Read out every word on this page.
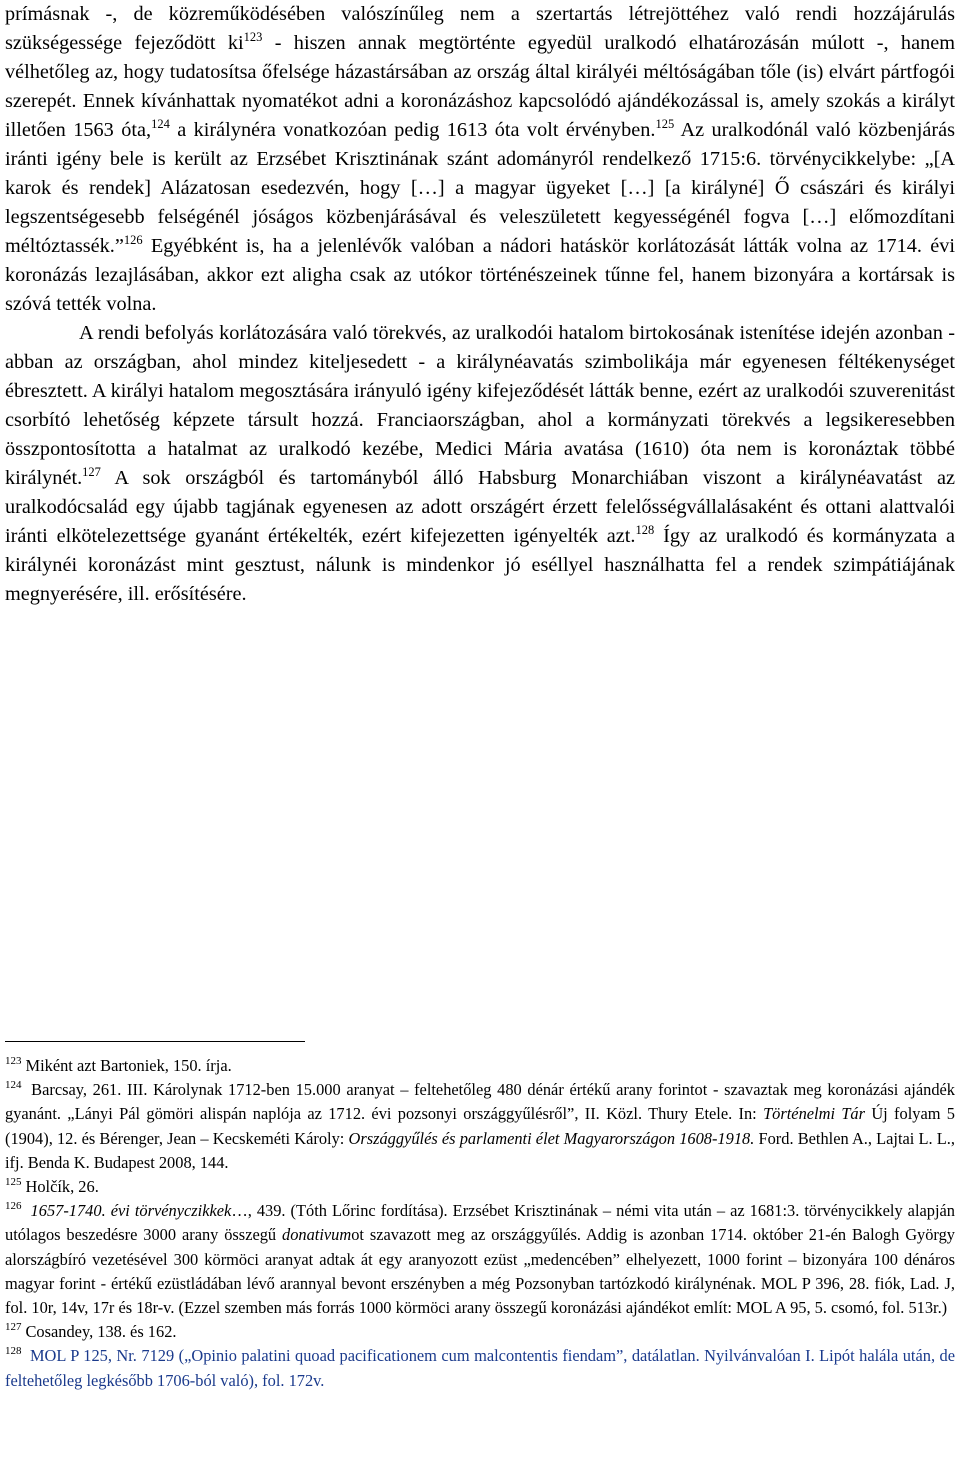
prímásnak -, de közreműködésében valószínűleg nem a szertartás létrejöttéhez való rendi hozzájárulás szükségessége fejeződött $ki^{123}$ - hiszen annak megtörténte egyedül uralkodó elhatározásán múlott -, hanem vélhetőleg az, hogy tudatosítsa őfelsége házastársában az ország által királyéi méltóságában tőle (is) elvárt pártfogói szerepét. Ennek kívánhattak nyomatékot adni a koronázáshoz kapcsolódó ajándékozással is, amely szokás a királyt illetően 1563 óta,$^{124}$ a királynéra vonatkozóan pedig 1613 óta volt érvényben.$^{125}$ Az uralkodónál való közbenjárás iránti igény bele is került az Erzsébet Krisztinának szánt adományról rendelkező 1715:6. törvénycikkelybe: „[A karok és rendek] Alázatosan esedezvén, hogy […] a magyar ügyeket […] [a királyné] Ő császári és királyi legszentségesebb felségénél jóságos közbenjárásával és veleszületett kegyességénél fogva […] előmozdítani méltóztassék.”$^{126}$ Egyébként is, ha a jelenlévők valóban a nádori hatáskör korlátozását látták volna az 1714. évi koronázás lezajlásában, akkor ezt aligha csak az utókor történészeinek tűnne fel, hanem bizonyára a kortársak is szóvá tették volna.

A rendi befolyás korlátozására való törekvés, az uralkodói hatalom birtokosának istenítése idején azonban - abban az országban, ahol mindez kiteljesedett - a királynéavatás szimbolikája már egyenesen féltékenységet ébresztett. A királyi hatalom megosztására irányuló igény kifejeződését látták benne, ezért az uralkodói szuverenitást csorbító lehetőség képzete társult hozzá. Franciaországban, ahol a kormányzati törekvés a legsikeresebben összpontosította a hatalmat az uralkodó kezébe, Medici Mária avatása (1610) óta nem is koronáztak többé királynét.$^{127}$ A sok országból és tartományból álló Habsburg Monarchiában viszont a királynéavatást az uralkodócsalád egy újabb tagjának egyenesen az adott országért érzett felelősségvállalásaként és ottani alattvalói iránti elkötelezettsége gyanánt értékelték, ezért kifejezetten igényelték azt.$^{128}$ Így az uralkodó és kormányzata a királynéi koronázást mint gesztust, nálunk is mindenkor jó eséllyel használhatta fel a rendek szimpátiájának megnyerésére, ill. erősítésére.

$^{123}$ Miként azt Bartoniek, 150. írja.

$^{124}$ Barcsay, 261. III. Károlynak 1712-ben 15.000 aranyat – feltehetőleg 480 dénár értékű arany forintot - szavaztak meg koronázási ajándék gyanánt. „Lányi Pál gömöri alispán naplója az 1712. évi pozsonyi országgyűlésről”, II. Közl. Thury Etele. In: Történelmi Tár Új folyam 5 (1904), 12. és Bérenger, Jean – Kecskeméti Károly: Országgyűlés és parlamenti élet Magyarországon 1608-1918. Ford. Bethlen A., Lajtai L. L., ifj. Benda K. Budapest 2008, 144.

$^{125}$ Holčík, 26.

$^{126}$ 1657-1740. évi törvényczikkek…, 439. (Tóth Lőrinc fordítása). Erzsébet Krisztinának – némi vita után – az 1681:3. törvénycikkely alapján utólagos beszedésre 3000 arany összegű donativumot szavazott meg az országgyűlés. Addig is azonban 1714. október 21-én Balogh György alországbíró vezetésével 300 körmöci aranyat adtak át egy aranyozott ezüst „medencében” elhelyezett, 1000 forint – bizonyára 100 dénáros magyar forint - értékű ezüstládában lévő arannyal bevont erszényben a még Pozsonyban tartózkodó királynénak. MOL P 396, 28. fiók, Lad. J, fol. 10r, 14v, 17r és 18r-v. (Ezzel szemben más forrás 1000 körmöci arany összegű koronázási ajándékot említ: MOL A 95, 5. csomó, fol. 513r.)

$^{127}$ Cosandey, 138. és 162.

$^{128}$ MOL P 125, Nr. 7129 („Opinio palatini quoad pacificationem cum malcontentis fiendam”, datálatlan. Nyilvánvalóan I. Lipót halála után, de feltehetőleg legkésőbb 1706-ból való), fol. 172v.
